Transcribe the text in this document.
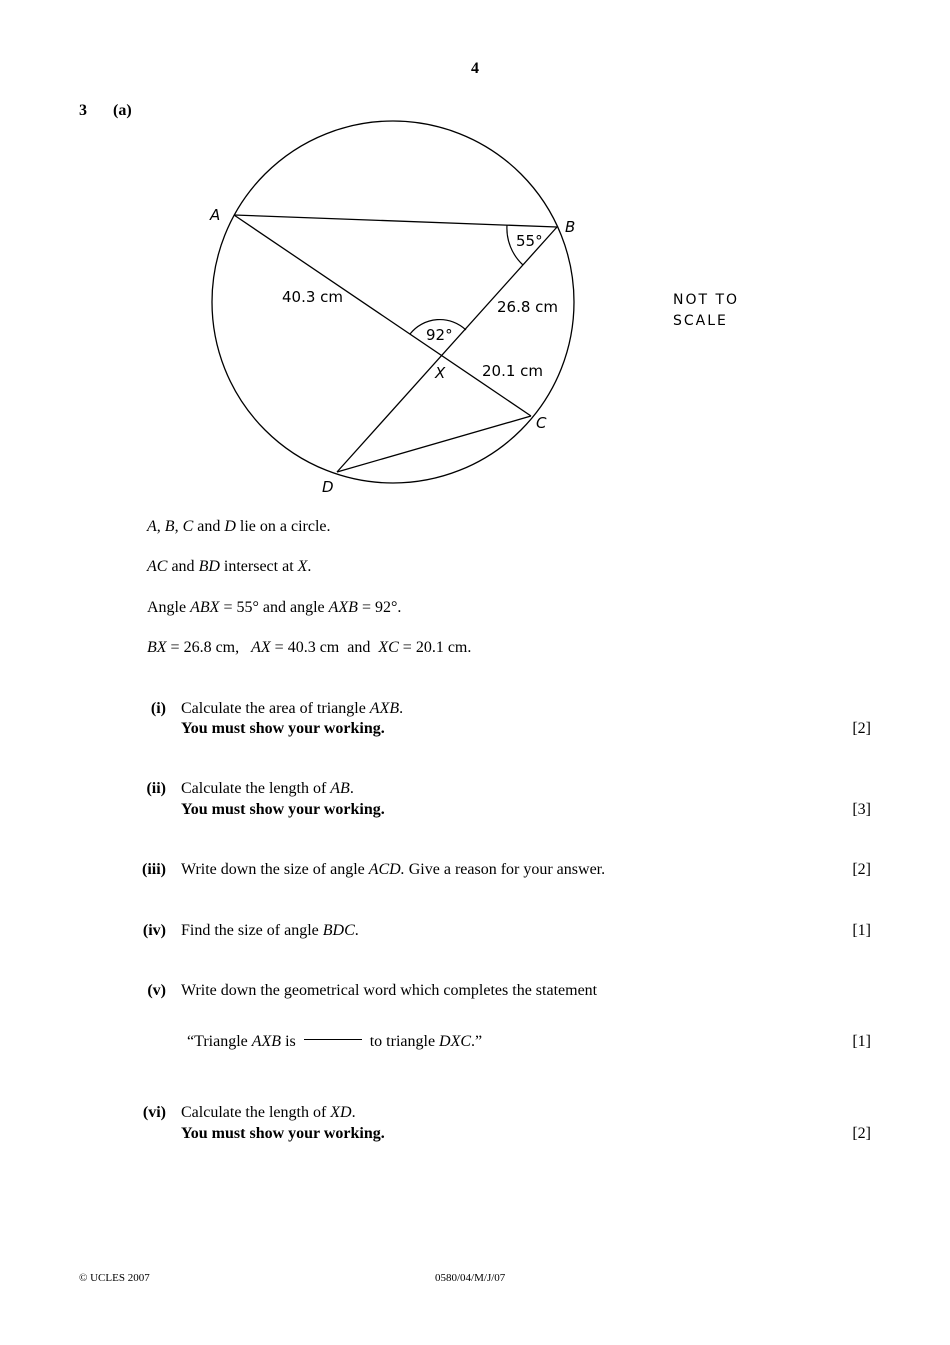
4
3 (a)
A
B
C
D
X
55°
92°
40.3 cm
26.8 cm
20.1 cm
NOT TO
SCALE
A, B, C and D lie on a circle.
AC and BD intersect at X.
Angle ABX = 55° and angle AXB = 92°.
BX = 26.8 cm,   AX = 40.3 cm  and  XC = 20.1 cm.
(i) Calculate the area of triangle AXB.
You must show your working.	[2]
(ii) Calculate the length of AB.
You must show your working.	[3]
(iii) Write down the size of angle ACD. Give a reason for your answer.	[2]
(iv) Find the size of angle BDC.	[1]
(v) Write down the geometrical word which completes the statement
“Triangle AXB is	to triangle DXC.”	[1]
(vi) Calculate the length of XD.
You must show your working.	[2]
© UCLES 2007	0580/04/M/J/07
